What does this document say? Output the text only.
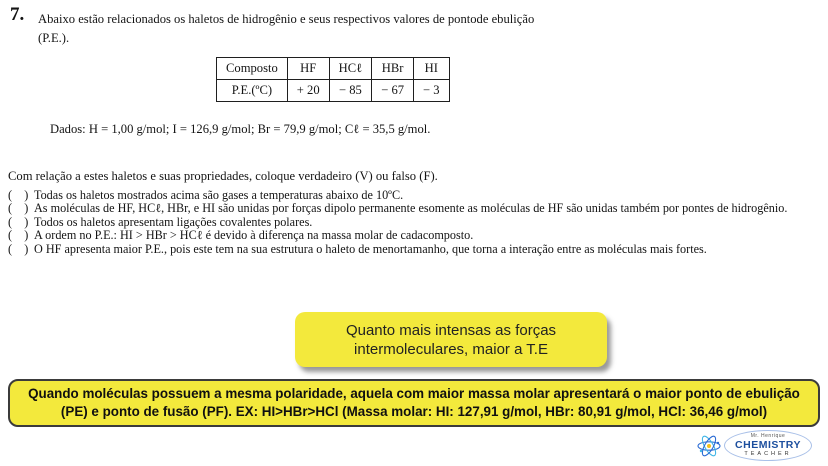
7. Abaixo estão relacionados os haletos de hidrogênio e seus respectivos valores de pontode ebulição

(P.E.).

Composto	HF	HCℓ	HBr	HI
P.E.(ºC)	+ 20	− 85	− 67	− 3

Dados: H = 1,00 g/mol; I = 126,9 g/mol; Br = 79,9 g/mol; Cℓ = 35,5 g/mol.

Com relação a estes haletos e suas propriedades, coloque verdadeiro (V) ou falso (F).

(    ) Todas os haletos mostrados acima são gases a temperaturas abaixo de 10ºC.
(    ) As moléculas de HF, HCℓ, HBr, e HI são unidas por forças dipolo permanente esomente as moléculas de HF são unidas também por pontes de hidrogênio.
(    ) Todos os haletos apresentam ligações covalentes polares.
(    ) A ordem no P.E.: HI > HBr > HCℓ é devido à diferença na massa molar de cadacomposto.
(    ) O HF apresenta maior P.E., pois este tem na sua estrutura o haleto de menortamanho, que torna a interação entre as moléculas mais fortes.
Quanto mais intensas as forças intermoleculares, maior a T.E
Quando moléculas possuem a mesma polaridade, aquela com maior massa molar apresentará o maior ponto de ebulição (PE) e ponto de fusão (PF). EX: HI>HBr>HCl (Massa molar: HI: 127,91 g/mol, HBr: 80,91 g/mol, HCl: 36,46 g/mol)
Mr. Henrique
CHEMISTRY
TEACHER
